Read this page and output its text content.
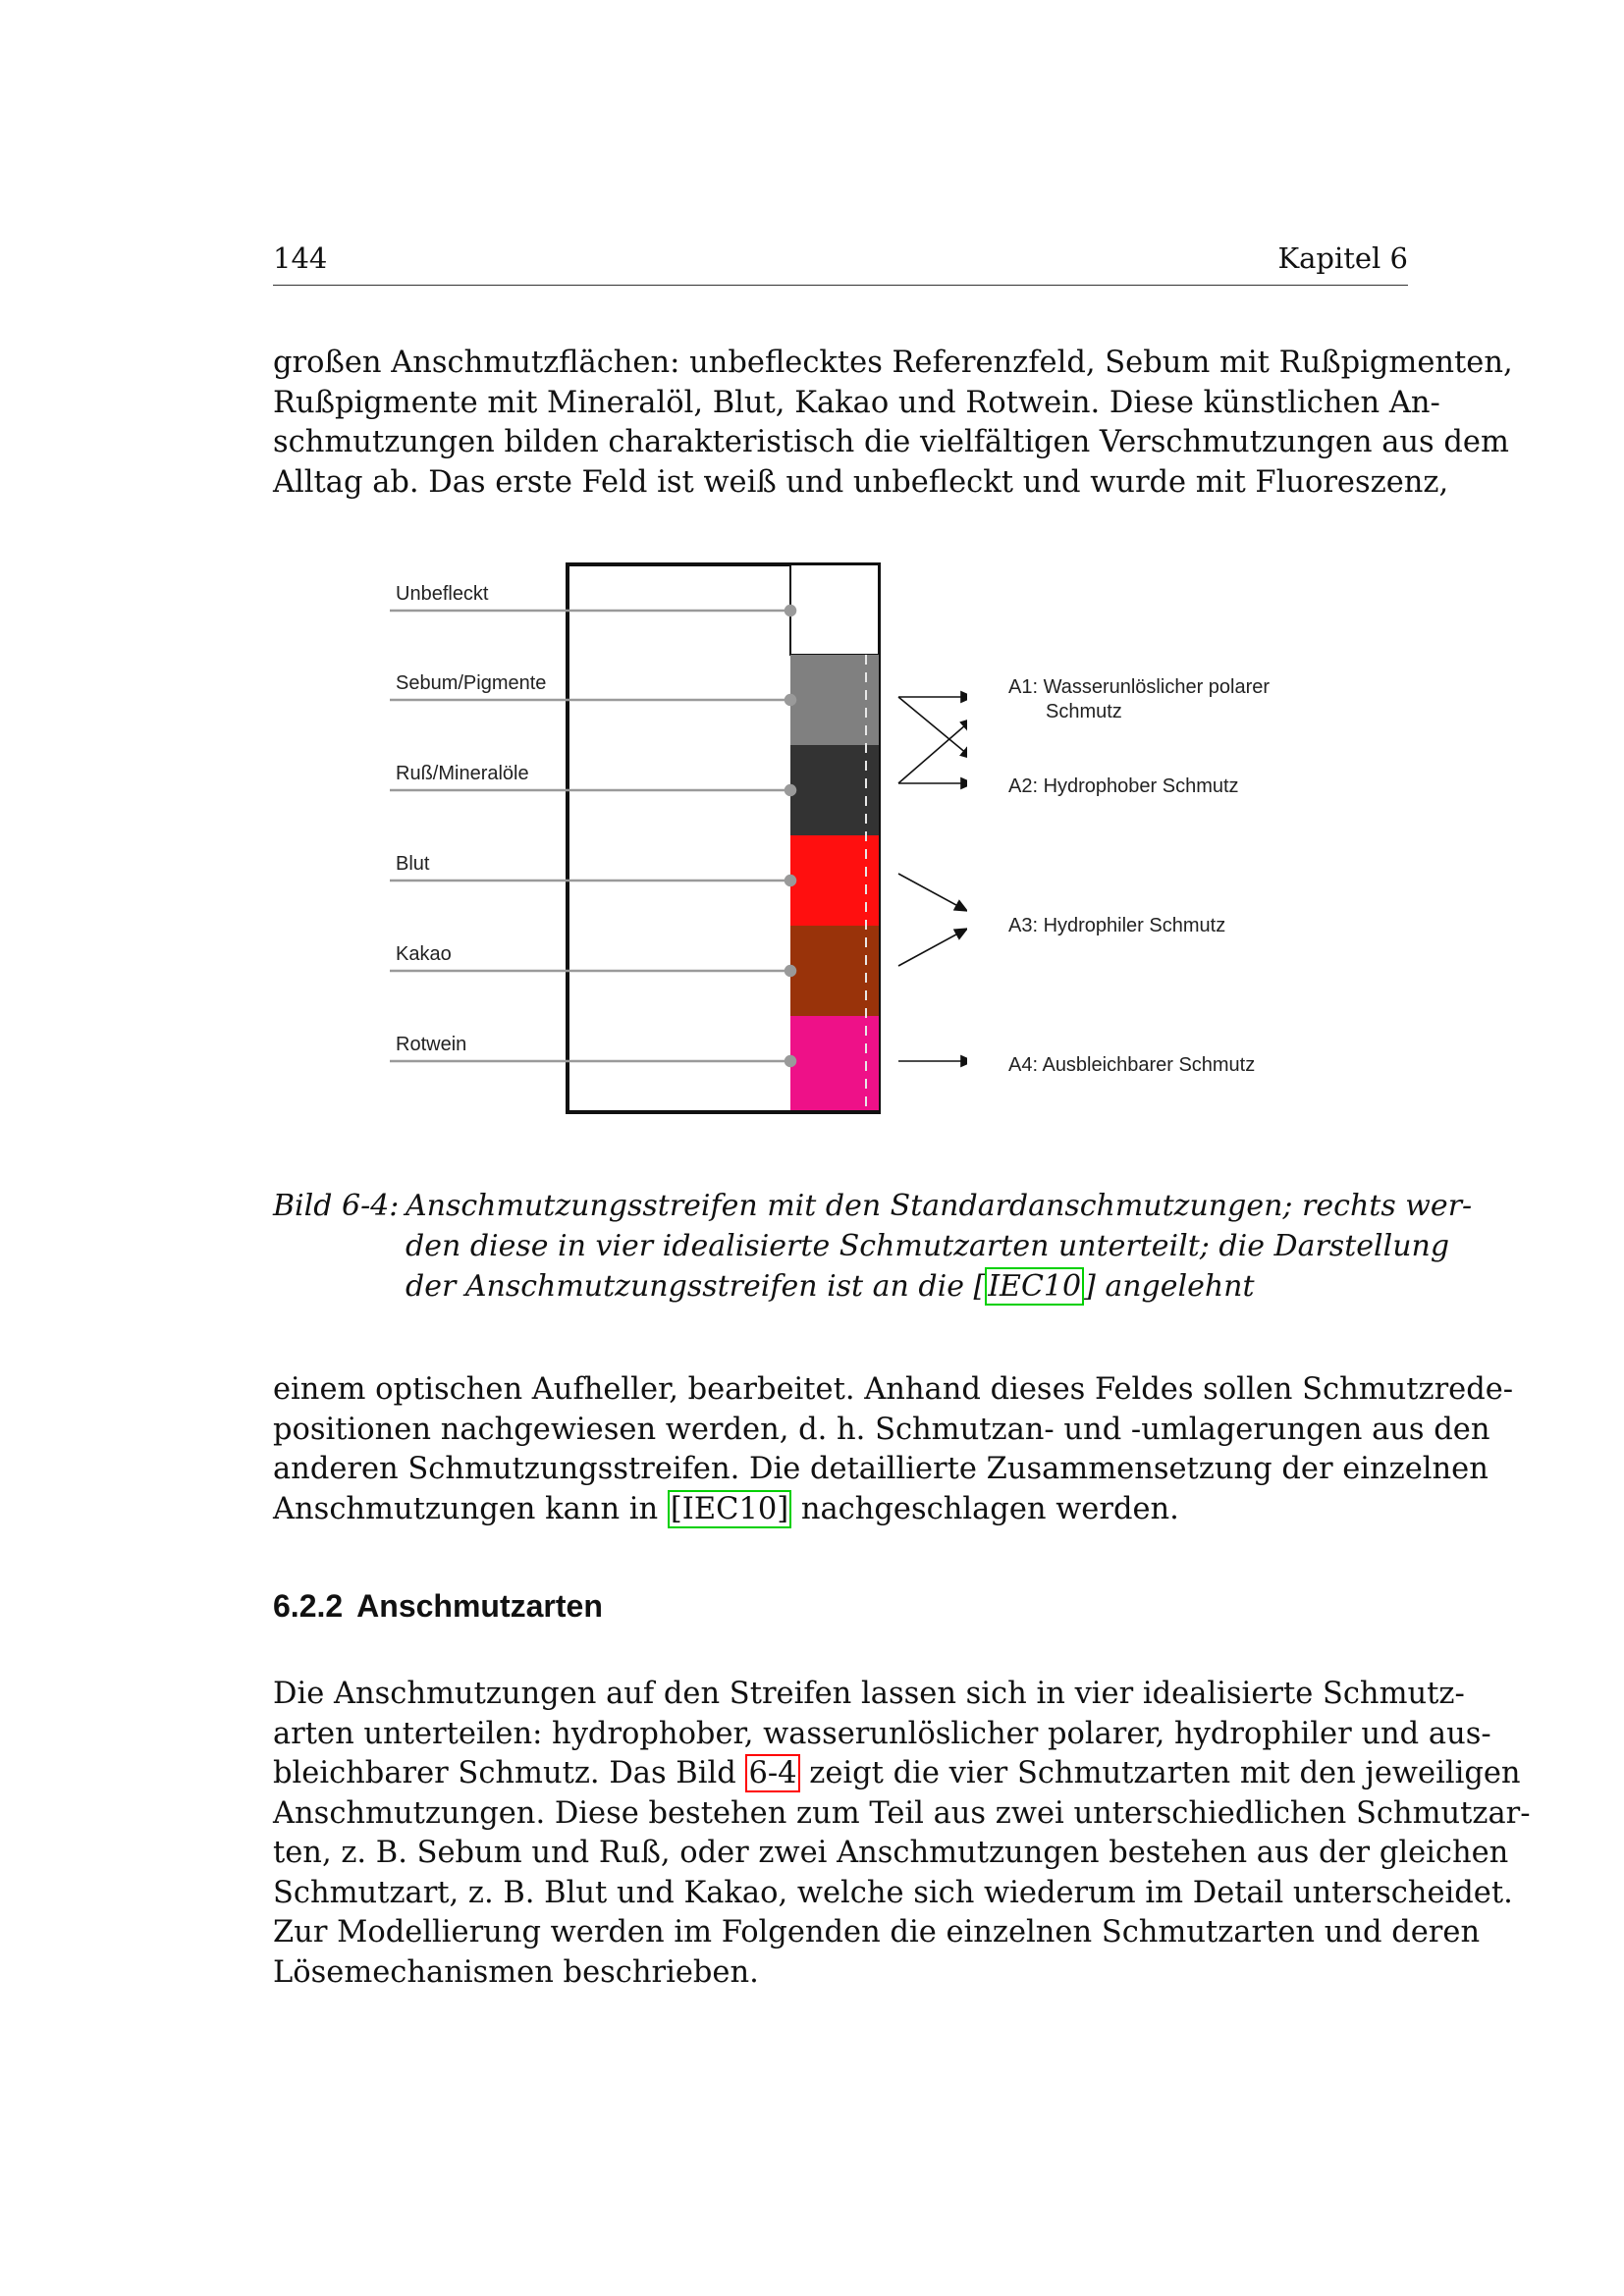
144	Kapitel 6
großen Anschmutzflächen: unbeflecktes Referenzfeld, Sebum mit Rußpigmenten,
Rußpigmente mit Mineralöl, Blut, Kakao und Rotwein. Diese künstlichen An-
schmutzungen bilden charakteristisch die vielfältigen Verschmutzungen aus dem
Alltag ab. Das erste Feld ist weiß und unbefleckt und wurde mit Fluoreszenz,
Unbefleckt
Sebum/Pigmente
Ruß/Mineralöle
Blut
Kakao
Rotwein
A1: Wasserunlöslicher polarer
Schmutz
A2: Hydrophober Schmutz
A3: Hydrophiler Schmutz
A4: Ausbleichbarer Schmutz
Bild 6-4: Anschmutzungsstreifen mit den Standardanschmutzungen; rechts wer-
den diese in vier idealisierte Schmutzarten unterteilt; die Darstellung
der Anschmutzungsstreifen ist an die [ IEC10 ] angelehnt
einem optischen Aufheller, bearbeitet. Anhand dieses Feldes sollen Schmutzrede-
positionen nachgewiesen werden, d. h. Schmutzan- und -umlagerungen aus den
anderen Schmutzungsstreifen. Die detaillierte Zusammensetzung der einzelnen
Anschmutzungen kann in [IEC10] nachgeschlagen werden.
6.2.2 Anschmutzarten
Die Anschmutzungen auf den Streifen lassen sich in vier idealisierte Schmutz-
arten unterteilen: hydrophober, wasserunlöslicher polarer, hydrophiler und aus-
bleichbarer Schmutz. Das Bild 6-4 zeigt die vier Schmutzarten mit den jeweiligen
Anschmutzungen. Diese bestehen zum Teil aus zwei unterschiedlichen Schmutzar-
ten, z. B. Sebum und Ruß, oder zwei Anschmutzungen bestehen aus der gleichen
Schmutzart, z. B. Blut und Kakao, welche sich wiederum im Detail unterscheidet.
Zur Modellierung werden im Folgenden die einzelnen Schmutzarten und deren
Lösemechanismen beschrieben.
